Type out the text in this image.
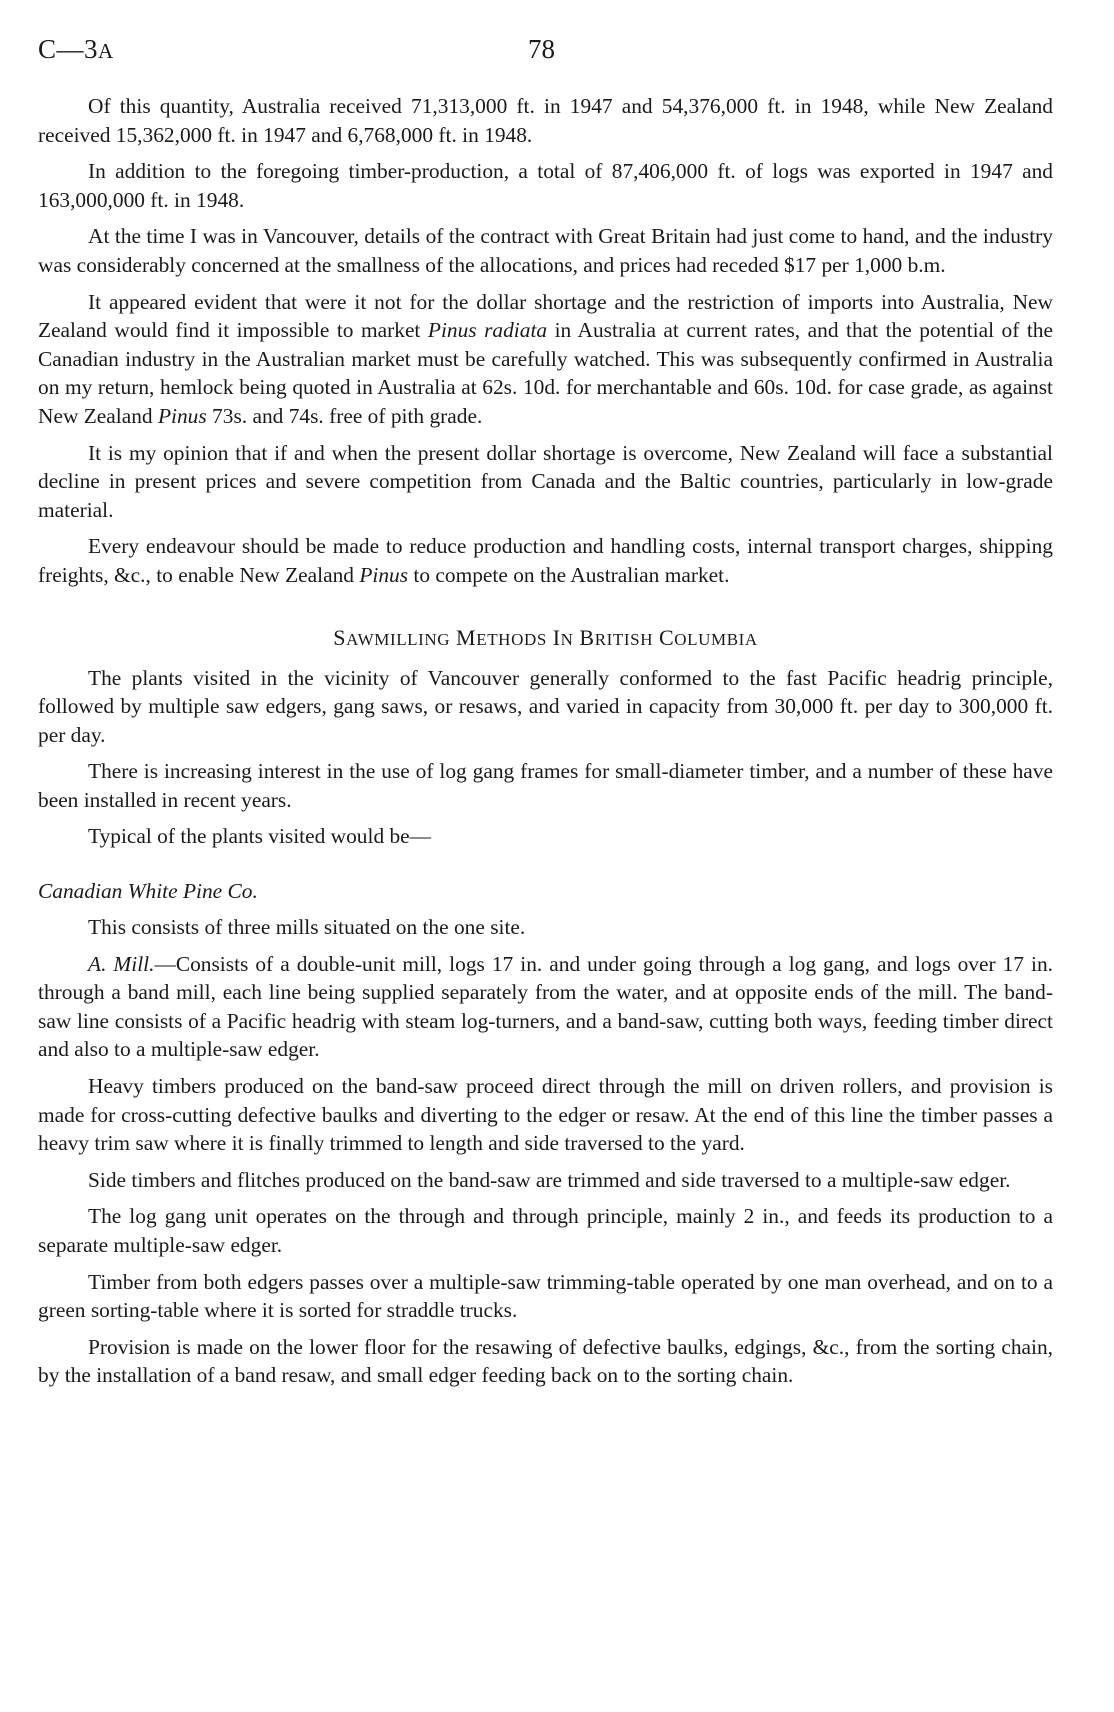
C—3A	78

Of this quantity, Australia received 71,313,000 ft. in 1947 and 54,376,000 ft. in 1948, while New Zealand received 15,362,000 ft. in 1947 and 6,768,000 ft. in 1948.

In addition to the foregoing timber-production, a total of 87,406,000 ft. of logs was exported in 1947 and 163,000,000 ft. in 1948.

At the time I was in Vancouver, details of the contract with Great Britain had just come to hand, and the industry was considerably concerned at the smallness of the allocations, and prices had receded $17 per 1,000 b.m.

It appeared evident that were it not for the dollar shortage and the restriction of imports into Australia, New Zealand would find it impossible to market Pinus radiata in Australia at current rates, and that the potential of the Canadian industry in the Australian market must be carefully watched. This was subsequently confirmed in Australia on my return, hemlock being quoted in Australia at 62s. 10d. for merchantable and 60s. 10d. for case grade, as against New Zealand Pinus 73s. and 74s. free of pith grade.

It is my opinion that if and when the present dollar shortage is overcome, New Zealand will face a substantial decline in present prices and severe competition from Canada and the Baltic countries, particularly in low-grade material.

Every endeavour should be made to reduce production and handling costs, internal transport charges, shipping freights, &c., to enable New Zealand Pinus to compete on the Australian market.

SAWMILLING METHODS IN BRITISH COLUMBIA

The plants visited in the vicinity of Vancouver generally conformed to the fast Pacific headrig principle, followed by multiple saw edgers, gang saws, or resaws, and varied in capacity from 30,000 ft. per day to 300,000 ft. per day.

There is increasing interest in the use of log gang frames for small-diameter timber, and a number of these have been installed in recent years.

Typical of the plants visited would be—

Canadian White Pine Co.

This consists of three mills situated on the one site.

A. Mill.—Consists of a double-unit mill, logs 17 in. and under going through a log gang, and logs over 17 in. through a band mill, each line being supplied separately from the water, and at opposite ends of the mill. The band-saw line consists of a Pacific headrig with steam log-turners, and a band-saw, cutting both ways, feeding timber direct and also to a multiple-saw edger.

Heavy timbers produced on the band-saw proceed direct through the mill on driven rollers, and provision is made for cross-cutting defective baulks and diverting to the edger or resaw. At the end of this line the timber passes a heavy trim saw where it is finally trimmed to length and side traversed to the yard.

Side timbers and flitches produced on the band-saw are trimmed and side traversed to a multiple-saw edger.

The log gang unit operates on the through and through principle, mainly 2 in., and feeds its production to a separate multiple-saw edger.

Timber from both edgers passes over a multiple-saw trimming-table operated by one man overhead, and on to a green sorting-table where it is sorted for straddle trucks.

Provision is made on the lower floor for the resawing of defective baulks, edgings, &c., from the sorting chain, by the installation of a band resaw, and small edger feeding back on to the sorting chain.
